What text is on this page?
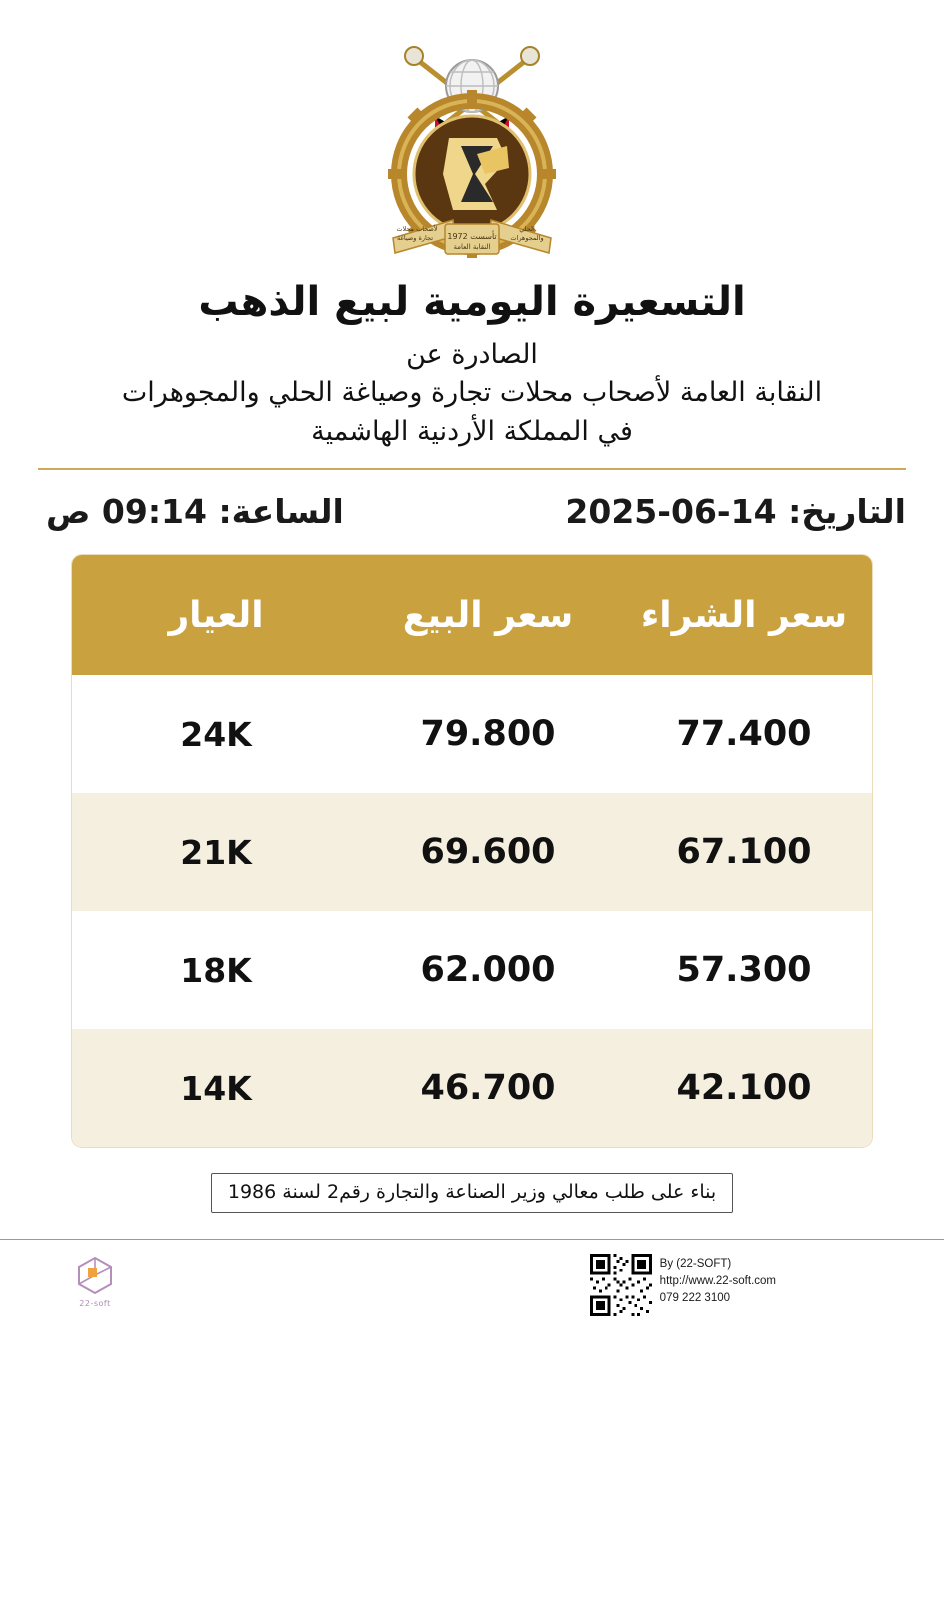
تأسست 1972
النقابة العامة
لأصحاب محلات
تجارة وصياغة
الحلي
والمجوهرات
التسعيرة اليومية لبيع الذهب
الصادرة عن
النقابة العامة لأصحاب محلات تجارة وصياغة الحلي والمجوهرات
في المملكة الأردنية الهاشمية
التاريخ: 14-06-2025
الساعة: 09:14 ص
سعر الشراء
سعر البيع
العيار
77.400
79.800
24K
67.100
69.600
21K
57.300
62.000
18K
42.100
46.700
14K
بناء على طلب معالي وزير الصناعة والتجارة رقم2 لسنة 1986
22-soft
By (22-SOFT)
http://www.22-soft.com
079 222 3100
